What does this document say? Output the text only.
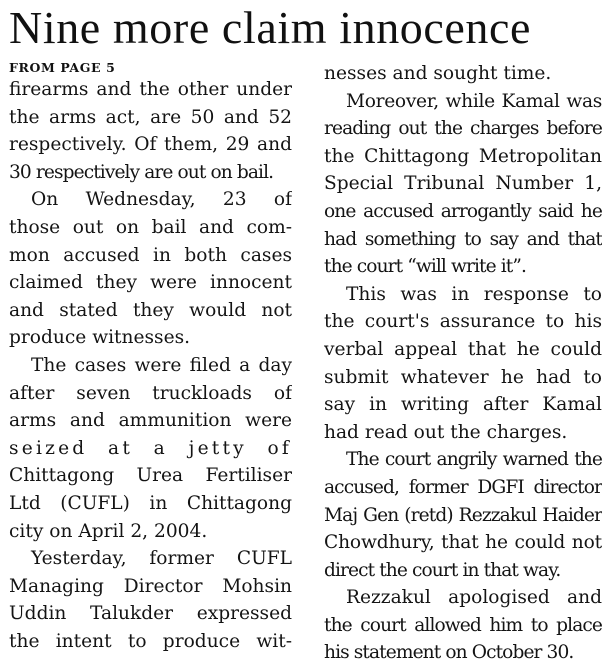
Nine more claim innocence
FROM PAGE 5
firearms and the other under
the arms act, are 50 and 52
respectively. Of them, 29 and
30 respectively are out on bail.
On Wednesday, 23 of
those out on bail and com-
mon accused in both cases
claimed they were innocent
and stated they would not
produce witnesses.
The cases were filed a day
after seven truckloads of
arms and ammunition were
seized at a jetty of
Chittagong Urea Fertiliser
Ltd (CUFL) in Chittagong
city on April 2, 2004.
Yesterday, former CUFL
Managing Director Mohsin
Uddin Talukder expressed
the intent to produce wit-
nesses and sought time.
Moreover, while Kamal was
reading out the charges before
the Chittagong Metropolitan
Special Tribunal Number 1,
one accused arrogantly said he
had something to say and that
the court “will write it”.
This was in response to
the court's assurance to his
verbal appeal that he could
submit whatever he had to
say in writing after Kamal
had read out the charges.
The court angrily warned the
accused, former DGFI director
Maj Gen (retd) Rezzakul Haider
Chowdhury, that he could not
direct the court in that way.
Rezzakul apologised and
the court allowed him to place
his statement on October 30.
